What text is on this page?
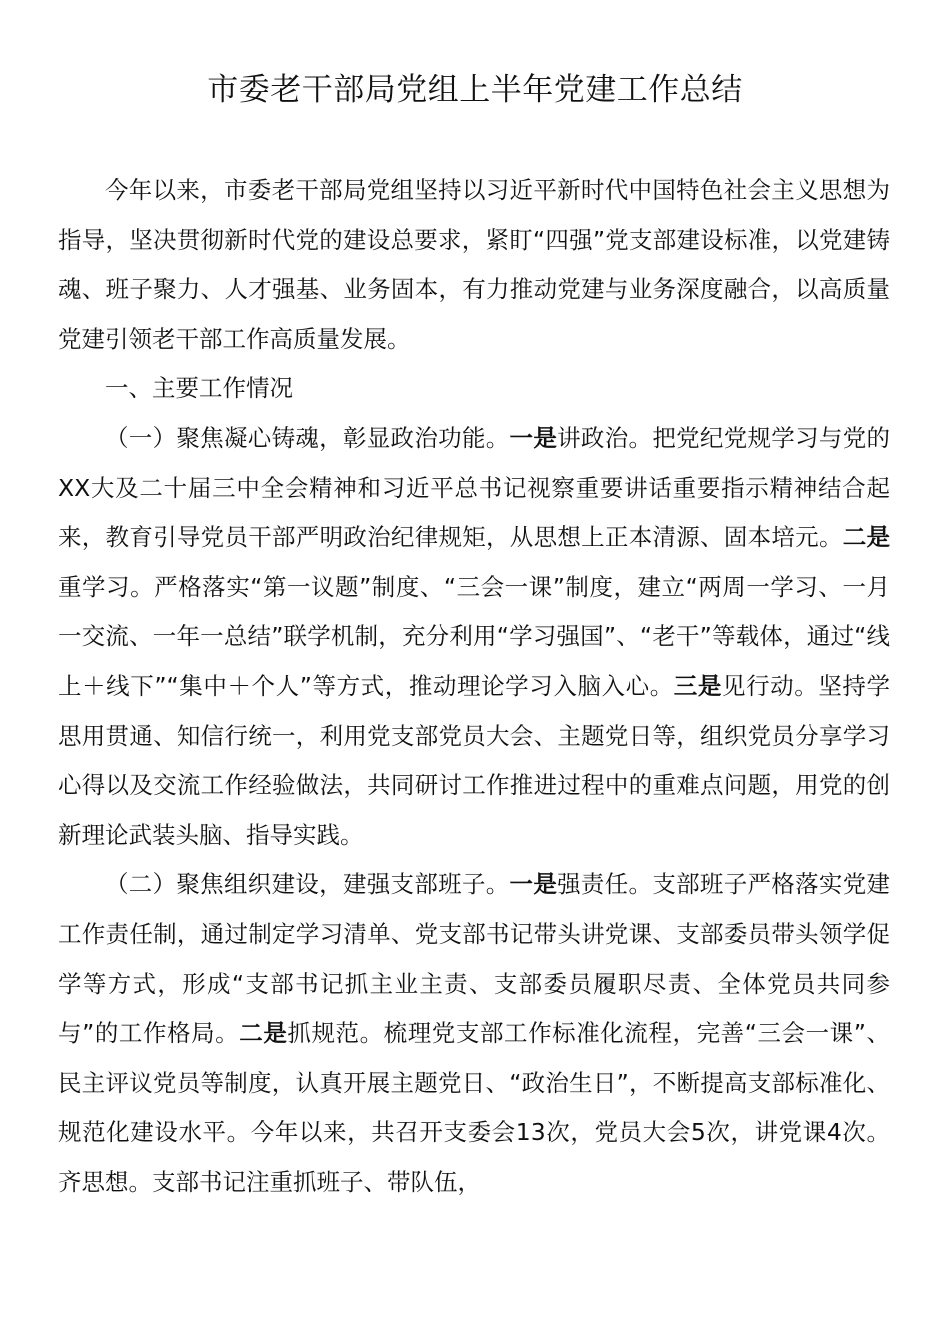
市委老干部局党组上半年党建工作总结

今年以来，市委老干部局党组坚持以习近平新时代中国特色社会主义思想为指导，坚决贯彻新时代党的建设总要求，紧盯“四强”党支部建设标准，以党建铸魂、班子聚力、人才强基、业务固本，有力推动党建与业务深度融合，以高质量党建引领老干部工作高质量发展。

一、主要工作情况

（一）聚焦凝心铸魂，彰显政治功能。一是讲政治。把党纪党规学习与党的XX大及二十届三中全会精神和习近平总书记视察重要讲话重要指示精神结合起来，教育引导党员干部严明政治纪律规矩，从思想上正本清源、固本培元。二是重学习。严格落实“第一议题”制度、“三会一课”制度，建立“两周一学习、一月一交流、一年一总结”联学机制，充分利用“学习强国”、“老干”等载体，通过“线上＋线下”“集中＋个人”等方式，推动理论学习入脑入心。三是见行动。坚持学思用贯通、知信行统一，利用党支部党员大会、主题党日等，组织党员分享学习心得以及交流工作经验做法，共同研讨工作推进过程中的重难点问题，用党的创新理论武装头脑、指导实践。

（二）聚焦组织建设，建强支部班子。一是强责任。支部班子严格落实党建工作责任制，通过制定学习清单、党支部书记带头讲党课、支部委员带头领学促学等方式，形成“支部书记抓主业主责、支部委员履职尽责、全体党员共同参与”的工作格局。二是抓规范。梳理党支部工作标准化流程，完善“三会一课”、民主评议党员等制度，认真开展主题党日、“政治生日”，不断提高支部标准化、规范化建设水平。今年以来，共召开支委会13次，党员大会5次，讲党课4次。齐思想。支部书记注重抓班子、带队伍，
